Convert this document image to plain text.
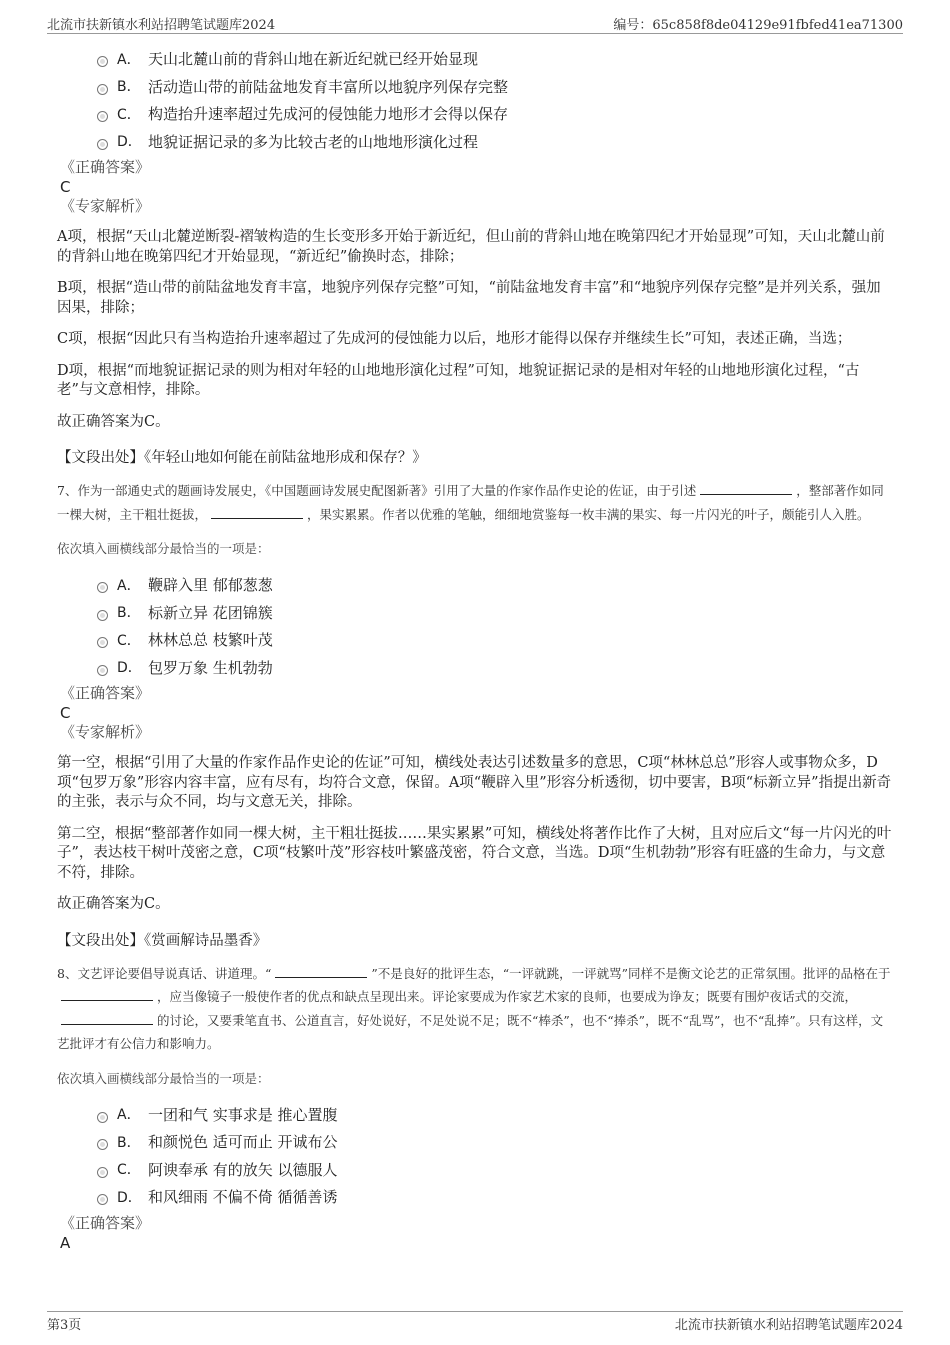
北流市扶新镇水利站招聘笔试题库2024	编号：65c858f8de04129e91fbfed41ea71300
A． 天山北麓山前的背斜山地在新近纪就已经开始显现
B． 活动造山带的前陆盆地发育丰富所以地貌序列保存完整
C． 构造抬升速率超过先成河的侵蚀能力地形才会得以保存
D． 地貌证据记录的多为比较古老的山地地形演化过程
《正确答案》
C
《专家解析》

A项，根据“天山北麓逆断裂-褶皱构造的生长变形多开始于新近纪，但山前的背斜山地在晚第四纪才开始显现”可知，天山北麓山前的背斜山地在晚第四纪才开始显现，“新近纪”偷换时态，排除；

B项，根据“造山带的前陆盆地发育丰富，地貌序列保存完整”可知，“前陆盆地发育丰富”和“地貌序列保存完整”是并列关系，强加因果，排除；

C项，根据“因此只有当构造抬升速率超过了先成河的侵蚀能力以后，地形才能得以保存并继续生长”可知，表述正确，当选；

D项，根据“而地貌证据记录的则为相对年轻的山地地形演化过程”可知，地貌证据记录的是相对年轻的山地地形演化过程，“古老”与文意相悖，排除。

故正确答案为C。

【文段出处】《年轻山地如何能在前陆盆地形成和保存？》

7、作为一部通史式的题画诗发展史，《中国题画诗发展史配图新著》引用了大量的作家作品作史论的佐证，由于引述	，整部著作如同一棵大树，主干粗壮挺拔，	，果实累累。作者以优雅的笔触，细细地赏鉴每一枚丰满的果实、每一片闪光的叶子，颇能引人入胜。

依次填入画横线部分最恰当的一项是：

A． 鞭辟入里 郁郁葱葱
B． 标新立异 花团锦簇
C． 林林总总 枝繁叶茂
D． 包罗万象 生机勃勃
《正确答案》
C
《专家解析》

第一空，根据“引用了大量的作家作品作史论的佐证”可知，横线处表达引述数量多的意思，C项“林林总总”形容人或事物众多，D项“包罗万象”形容内容丰富，应有尽有，均符合文意，保留。A项“鞭辟入里”形容分析透彻，切中要害，B项“标新立异”指提出新奇的主张，表示与众不同，均与文意无关，排除。

第二空，根据“整部著作如同一棵大树，主干粗壮挺拔……果实累累”可知，横线处将著作比作了大树，且对应后文“每一片闪光的叶子”，表达枝干树叶茂密之意，C项“枝繁叶茂”形容枝叶繁盛茂密，符合文意，当选。D项“生机勃勃”形容有旺盛的生命力，与文意不符，排除。

故正确答案为C。

【文段出处】《赏画解诗品墨香》

8、文艺评论要倡导说真话、讲道理。“	”不是良好的批评生态，“一评就跳，一评就骂”同样不是衡文论艺的正常氛围。批评的品格在于，应当像镜子一般使作者的优点和缺点呈现出来。评论家要成为作家艺术家的良师，也要成为诤友；既要有围炉夜话式的交流，的讨论，又要秉笔直书、公道直言，好处说好，不足处说不足；既不“棒杀”，也不“捧杀”，既不“乱骂”，也不“乱捧”。只有这样，文艺批评才有公信力和影响力。

依次填入画横线部分最恰当的一项是：

A． 一团和气 实事求是 推心置腹
B． 和颜悦色 适可而止 开诚布公
C． 阿谀奉承 有的放矢 以德服人
D． 和风细雨 不偏不倚 循循善诱
《正确答案》
A
第3页	北流市扶新镇水利站招聘笔试题库2024
